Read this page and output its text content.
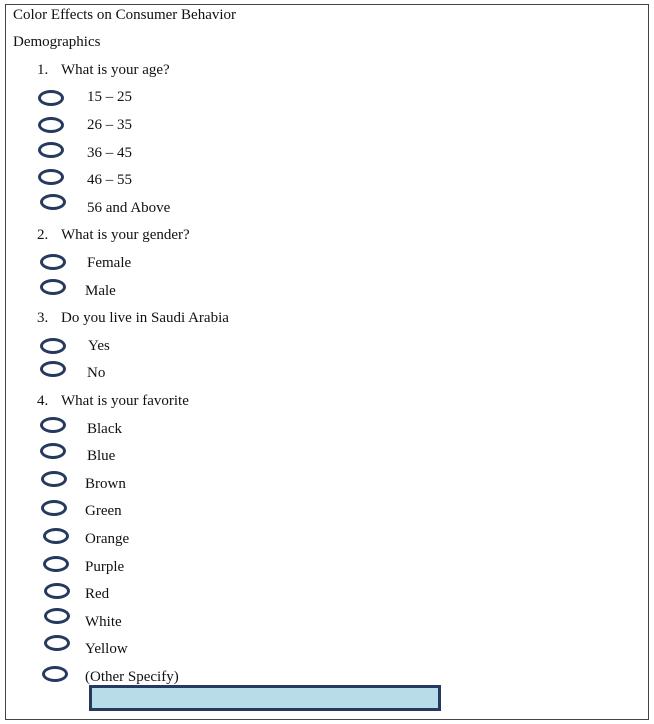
Color Effects on Consumer Behavior
Demographics
1. What is your age?
15 – 25
26 – 35
36 – 45
46 – 55
56 and Above
2. What is your gender?
Female
Male
3. Do you live in Saudi Arabia
Yes
No
4. What is your favorite
Black
Blue
Brown
Green
Orange
Purple
Red
White
Yellow
(Other Specify)
